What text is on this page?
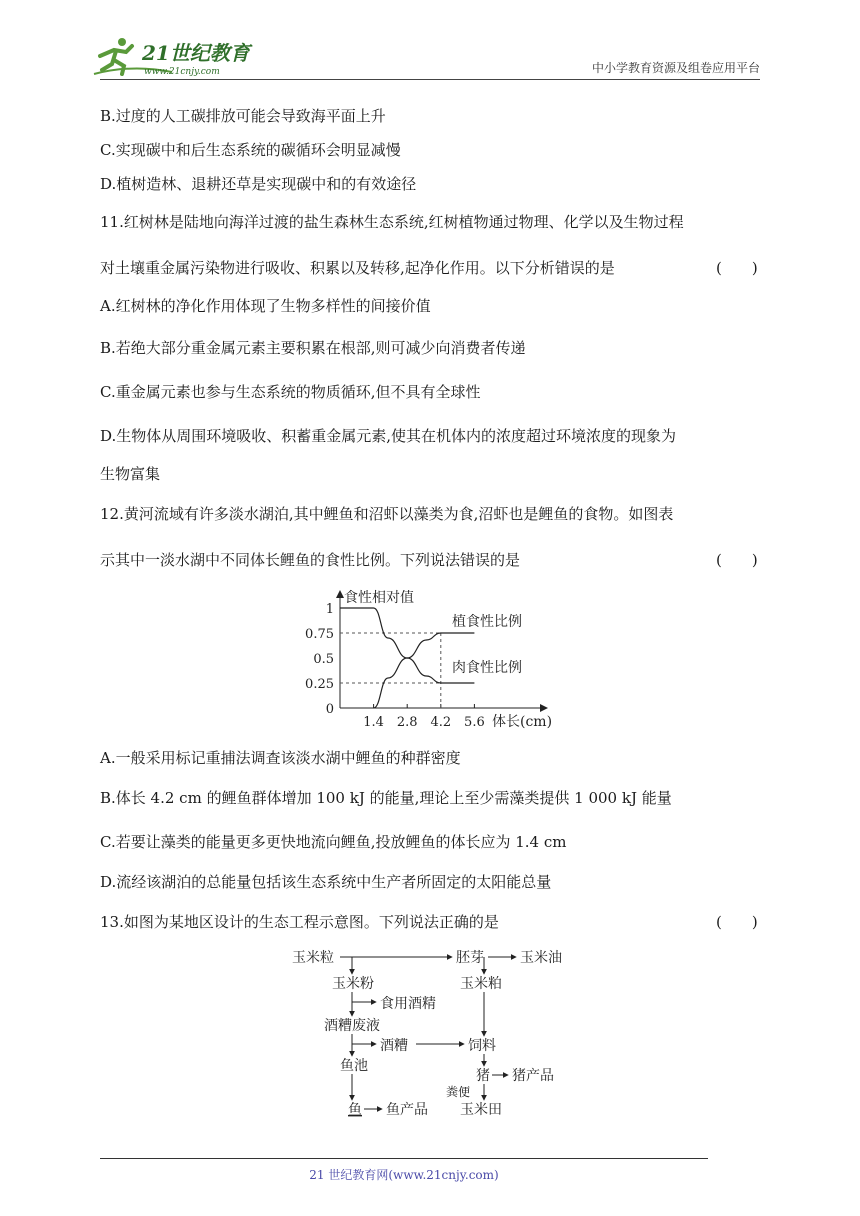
21世纪教育
www.21cnjy.com	中小学教育资源及组卷应用平台
B.过度的人工碳排放可能会导致海平面上升
C.实现碳中和后生态系统的碳循环会明显减慢
D.植树造林、退耕还草是实现碳中和的有效途径
11.红树林是陆地向海洋过渡的盐生森林生态系统,红树植物通过物理、化学以及生物过程
对土壤重金属污染物进行吸收、积累以及转移,起净化作用。以下分析错误的是	(　　)
A.红树林的净化作用体现了生物多样性的间接价值
B.若绝大部分重金属元素主要积累在根部,则可减少向消费者传递
C.重金属元素也参与生态系统的物质循环,但不具有全球性
D.生物体从周围环境吸收、积蓄重金属元素,使其在机体内的浓度超过环境浓度的现象为
生物富集
12.黄河流域有许多淡水湖泊,其中鲤鱼和沼虾以藻类为食,沼虾也是鲤鱼的食物。如图表
示其中一淡水湖中不同体长鲤鱼的食性比例。下列说法错误的是	(　　)
食性相对值
体长(cm)
0
0.25
0.5
0.75
1
1.4 2.8 4.2 5.6
植食性比例
肉食性比例
A.一般采用标记重捕法调查该淡水湖中鲤鱼的种群密度
B.体长 4.2 cm 的鲤鱼群体增加 100 kJ 的能量,理论上至少需藻类提供 1 000 kJ 能量
C.若要让藻类的能量更多更快地流向鲤鱼,投放鲤鱼的体长应为 1.4 cm
D.流经该湖泊的总能量包括该生态系统中生产者所固定的太阳能总量
13.如图为某地区设计的生态工程示意图。下列说法正确的是	(　　)
玉米粒	胚芽	玉米油
玉米粉	玉米粕
食用酒精
酒糟废液
酒糟	饲料
鱼池
猪 猪产品
粪便
鱼 鱼产品 玉米田
21 世纪教育网(www.21cnjy.com)
